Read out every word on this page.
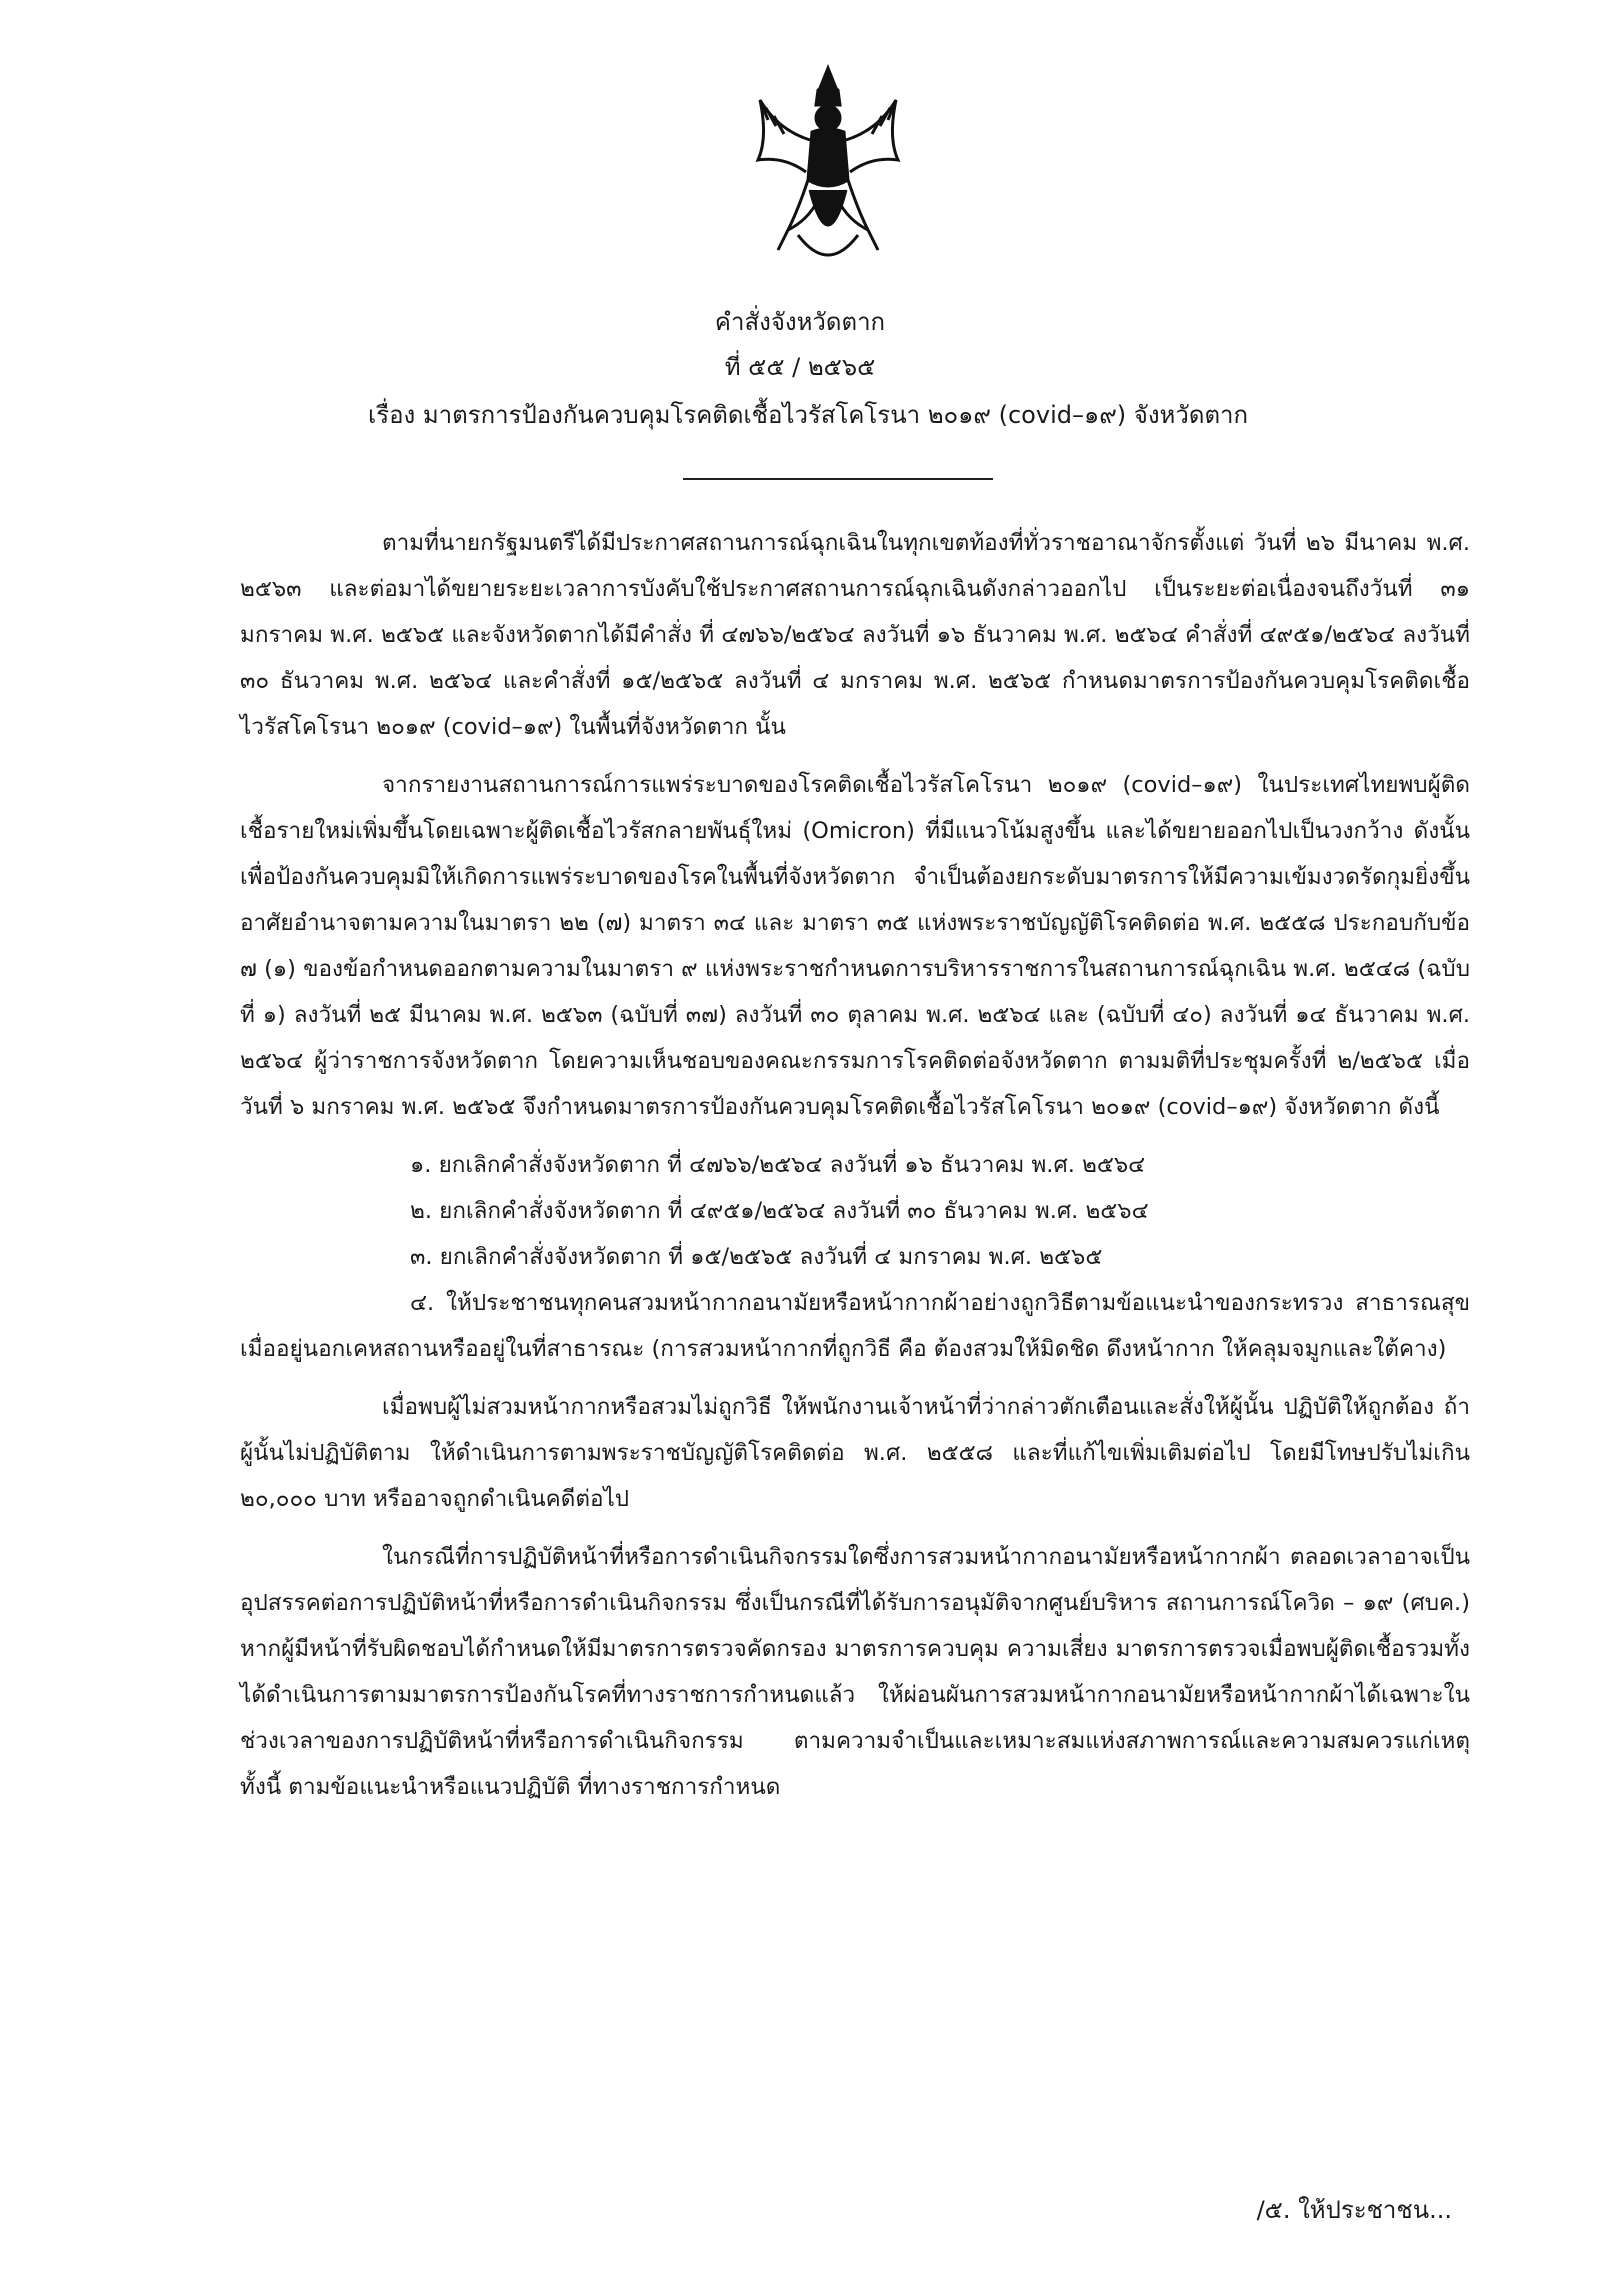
คำสั่งจังหวัดตาก
ที่ ๕๕ / ๒๕๖๕
เรื่อง มาตรการป้องกันควบคุมโรคติดเชื้อไวรัสโคโรนา ๒๐๑๙ (covid–๑๙) จังหวัดตาก

ตามที่นายกรัฐมนตรีได้มีประกาศสถานการณ์ฉุกเฉินในทุกเขตท้องที่ทั่วราชอาณาจักรตั้งแต่ วันที่ ๒๖ มีนาคม พ.ศ. ๒๕๖๓ และต่อมาได้ขยายระยะเวลาการบังคับใช้ประกาศสถานการณ์ฉุกเฉินดังกล่าวออกไป เป็นระยะต่อเนื่องจนถึงวันที่ ๓๑ มกราคม พ.ศ. ๒๕๖๕ และจังหวัดตากได้มีคำสั่ง ที่ ๔๗๖๖/๒๕๖๔ ลงวันที่ ๑๖ ธันวาคม พ.ศ. ๒๕๖๔ คำสั่งที่ ๔๙๕๑/๒๕๖๔ ลงวันที่ ๓๐ ธันวาคม พ.ศ. ๒๕๖๔ และคำสั่งที่ ๑๕/๒๕๖๕ ลงวันที่ ๔ มกราคม พ.ศ. ๒๕๖๕ กำหนดมาตรการป้องกันควบคุมโรคติดเชื้อไวรัสโคโรนา ๒๐๑๙ (covid–๑๙) ในพื้นที่จังหวัดตาก นั้น

จากรายงานสถานการณ์การแพร่ระบาดของโรคติดเชื้อไวรัสโคโรนา ๒๐๑๙ (covid–๑๙) ในประเทศไทยพบผู้ติดเชื้อรายใหม่เพิ่มขึ้นโดยเฉพาะผู้ติดเชื้อไวรัสกลายพันธุ์ใหม่ (Omicron) ที่มีแนวโน้มสูงขึ้น และได้ขยายออกไปเป็นวงกว้าง ดังนั้น เพื่อป้องกันควบคุมมิให้เกิดการแพร่ระบาดของโรคในพื้นที่จังหวัดตาก จำเป็นต้องยกระดับมาตรการให้มีความเข้มงวดรัดกุมยิ่งขึ้น อาศัยอำนาจตามความในมาตรา ๒๒ (๗) มาตรา ๓๔ และ มาตรา ๓๕ แห่งพระราชบัญญัติโรคติดต่อ พ.ศ. ๒๕๕๘ ประกอบกับข้อ ๗ (๑) ของข้อกำหนดออกตามความในมาตรา ๙ แห่งพระราชกำหนดการบริหารราชการในสถานการณ์ฉุกเฉิน พ.ศ. ๒๕๔๘ (ฉบับที่ ๑) ลงวันที่ ๒๕ มีนาคม พ.ศ. ๒๕๖๓ (ฉบับที่ ๓๗) ลงวันที่ ๓๐ ตุลาคม พ.ศ. ๒๕๖๔ และ (ฉบับที่ ๔๐) ลงวันที่ ๑๔ ธันวาคม พ.ศ. ๒๕๖๔ ผู้ว่าราชการจังหวัดตาก โดยความเห็นชอบของคณะกรรมการโรคติดต่อจังหวัดตาก ตามมติที่ประชุมครั้งที่ ๒/๒๕๖๕ เมื่อวันที่ ๖ มกราคม พ.ศ. ๒๕๖๕ จึงกำหนดมาตรการป้องกันควบคุมโรคติดเชื้อไวรัสโคโรนา ๒๐๑๙ (covid–๑๙) จังหวัดตาก ดังนี้

๑. ยกเลิกคำสั่งจังหวัดตาก ที่ ๔๗๖๖/๒๕๖๔ ลงวันที่ ๑๖ ธันวาคม พ.ศ. ๒๕๖๔

๒. ยกเลิกคำสั่งจังหวัดตาก ที่ ๔๙๕๑/๒๕๖๔ ลงวันที่ ๓๐ ธันวาคม พ.ศ. ๒๕๖๔

๓. ยกเลิกคำสั่งจังหวัดตาก ที่ ๑๕/๒๕๖๕ ลงวันที่ ๔ มกราคม พ.ศ. ๒๕๖๕

๔. ให้ประชาชนทุกคนสวมหน้ากากอนามัยหรือหน้ากากผ้าอย่างถูกวิธีตามข้อแนะนำของกระทรวง สาธารณสุข เมื่ออยู่นอกเคหสถานหรืออยู่ในที่สาธารณะ (การสวมหน้ากากที่ถูกวิธี คือ ต้องสวมให้มิดชิด ดึงหน้ากาก ให้คลุมจมูกและใต้คาง)

เมื่อพบผู้ไม่สวมหน้ากากหรือสวมไม่ถูกวิธี ให้พนักงานเจ้าหน้าที่ว่ากล่าวตักเตือนและสั่งให้ผู้นั้น ปฏิบัติให้ถูกต้อง ถ้าผู้นั้นไม่ปฏิบัติตาม ให้ดำเนินการตามพระราชบัญญัติโรคติดต่อ พ.ศ. ๒๕๕๘ และที่แก้ไขเพิ่มเติมต่อไป โดยมีโทษปรับไม่เกิน ๒๐,๐๐๐ บาท หรืออาจถูกดำเนินคดีต่อไป

ในกรณีที่การปฏิบัติหน้าที่หรือการดำเนินกิจกรรมใดซึ่งการสวมหน้ากากอนามัยหรือหน้ากากผ้า ตลอดเวลาอาจเป็นอุปสรรคต่อการปฏิบัติหน้าที่หรือการดำเนินกิจกรรม ซึ่งเป็นกรณีที่ได้รับการอนุมัติจากศูนย์บริหาร สถานการณ์โควิด – ๑๙ (ศบค.) หากผู้มีหน้าที่รับผิดชอบได้กำหนดให้มีมาตรการตรวจคัดกรอง มาตรการควบคุม ความเสี่ยง มาตรการตรวจเมื่อพบผู้ติดเชื้อรวมทั้งได้ดำเนินการตามมาตรการป้องกันโรคที่ทางราชการกำหนดแล้ว ให้ผ่อนผันการสวมหน้ากากอนามัยหรือหน้ากากผ้าได้เฉพาะในช่วงเวลาของการปฏิบัติหน้าที่หรือการดำเนินกิจกรรม ตามความจำเป็นและเหมาะสมแห่งสภาพการณ์และความสมควรแก่เหตุ ทั้งนี้ ตามข้อแนะนำหรือแนวปฏิบัติ ที่ทางราชการกำหนด

/๕. ให้ประชาชน...
